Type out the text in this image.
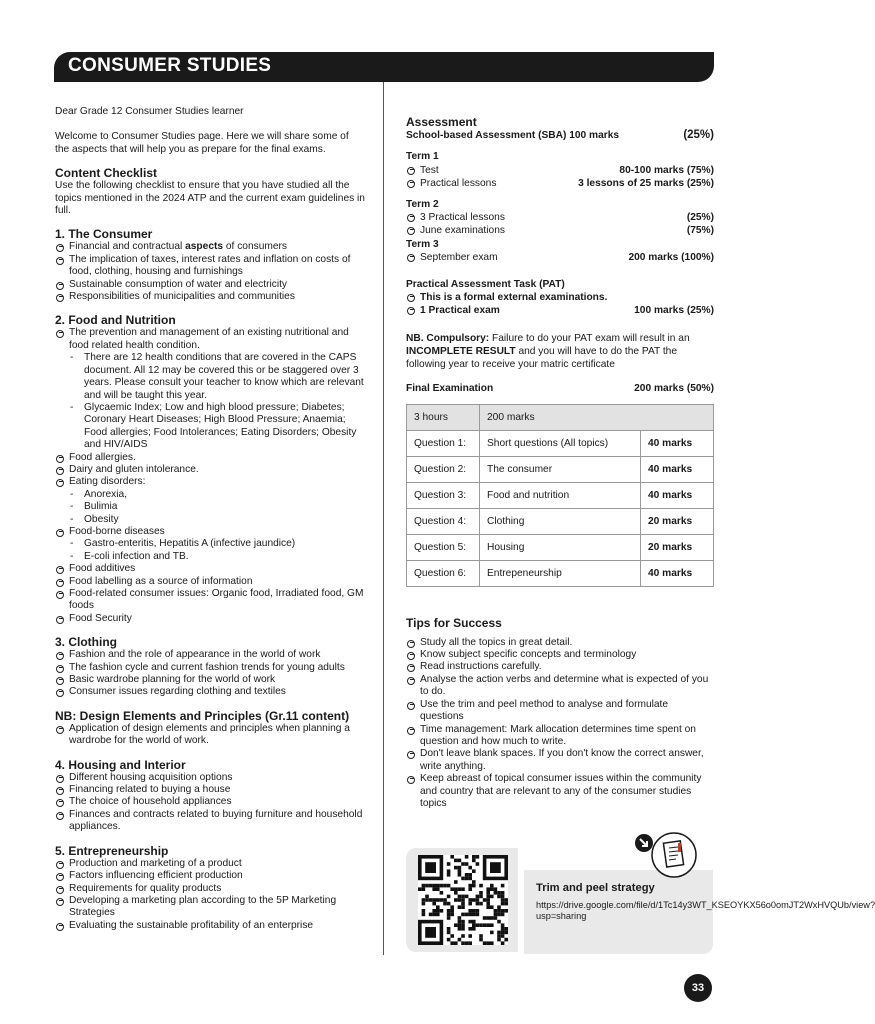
CONSUMER STUDIES

Dear Grade 12 Consumer Studies learner

Welcome to Consumer Studies page. Here we will share some of the aspects that will help you as prepare for the final exams.

Content Checklist

Use the following checklist to ensure that you have studied all the topics mentioned in the 2024 ATP and the current exam guidelines in full.

1. The Consumer

Financial and contractual aspects of consumers
The implication of taxes, interest rates and inflation on costs of food, clothing, housing and furnishings
Sustainable consumption of water and electricity
Responsibilities of municipalities and communities

2. Food and Nutrition

The prevention and management of an existing nutritional and food related health condition.
- There are 12 health conditions that are covered in the CAPS document. All 12 may be covered this or be staggered over 3 years. Please consult your teacher to know which are relevant and will be taught this year.
- Glycaemic Index; Low and high blood pressure; Diabetes; Coronary Heart Diseases; High Blood Pressure; Anaemia; Food allergies; Food Intolerances; Eating Disorders; Obesity and HIV/AIDS
Food allergies.
Dairy and gluten intolerance.
Eating disorders:
- Anorexia,
- Bulimia
- Obesity
Food-borne diseases
- Gastro-enteritis, Hepatitis A (infective jaundice)
- E-coli infection and TB.
Food additives
Food labelling as a source of information
Food-related consumer issues: Organic food, Irradiated food, GM foods
Food Security

3. Clothing

Fashion and the role of appearance in the world of work
The fashion cycle and current fashion trends for young adults
Basic wardrobe planning for the world of work
Consumer issues regarding clothing and textiles

NB: Design Elements and Principles (Gr.11 content)

Application of design elements and principles when planning a wardrobe for the world of work.

4. Housing and Interior

Different housing acquisition options
Financing related to buying a house
The choice of household appliances
Finances and contracts related to buying furniture and household appliances.

5. Entrepreneurship

Production and marketing of a product
Factors influencing efficient production
Requirements for quality products
Developing a marketing plan according to the 5P Marketing Strategies
Evaluating the sustainable profitability of an enterprise

Assessment

School-based Assessment (SBA) 100 marks	(25%)

Term 1

Test	80-100 marks (75%)
Practical lessons	3 lessons of 25 marks (25%)

Term 2

3 Practical lessons	(25%)
June examinations	(75%)

Term 3

September exam	200 marks (100%)

Practical Assessment Task (PAT)

This is a formal external examinations.
1 Practical exam	100 marks (25%)

NB. Compulsory: Failure to do your PAT exam will result in an INCOMPLETE RESULT and you will have to do the PAT the following year to receive your matric certificate

Final Examination	200 marks (50%)
3 hours	200 marks	
Question 1:	Short questions (All topics)	40 marks
Question 2:	The consumer	40 marks
Question 3:	Food and nutrition	40 marks
Question 4:	Clothing	20 marks
Question 5:	Housing	20 marks
Question 6:	Entrepeneurship	40 marks

Tips for Success

Study all the topics in great detail.
Know subject specific concepts and terminology
Read instructions carefully.
Analyse the action verbs and determine what is expected of you to do.
Use the trim and peel method to analyse and formulate questions
Time management: Mark allocation determines time spent on question and how much to write.
Don't leave blank spaces. If you don't know the correct answer, write anything.
Keep abreast of topical consumer issues within the community and country that are relevant to any of the consumer studies topics
Trim and peel strategy
https://drive.google.com/file/d/1Tc14y3WT_KSEOYKX56o0omJT2WxHVQUb/view?usp=sharing
33
